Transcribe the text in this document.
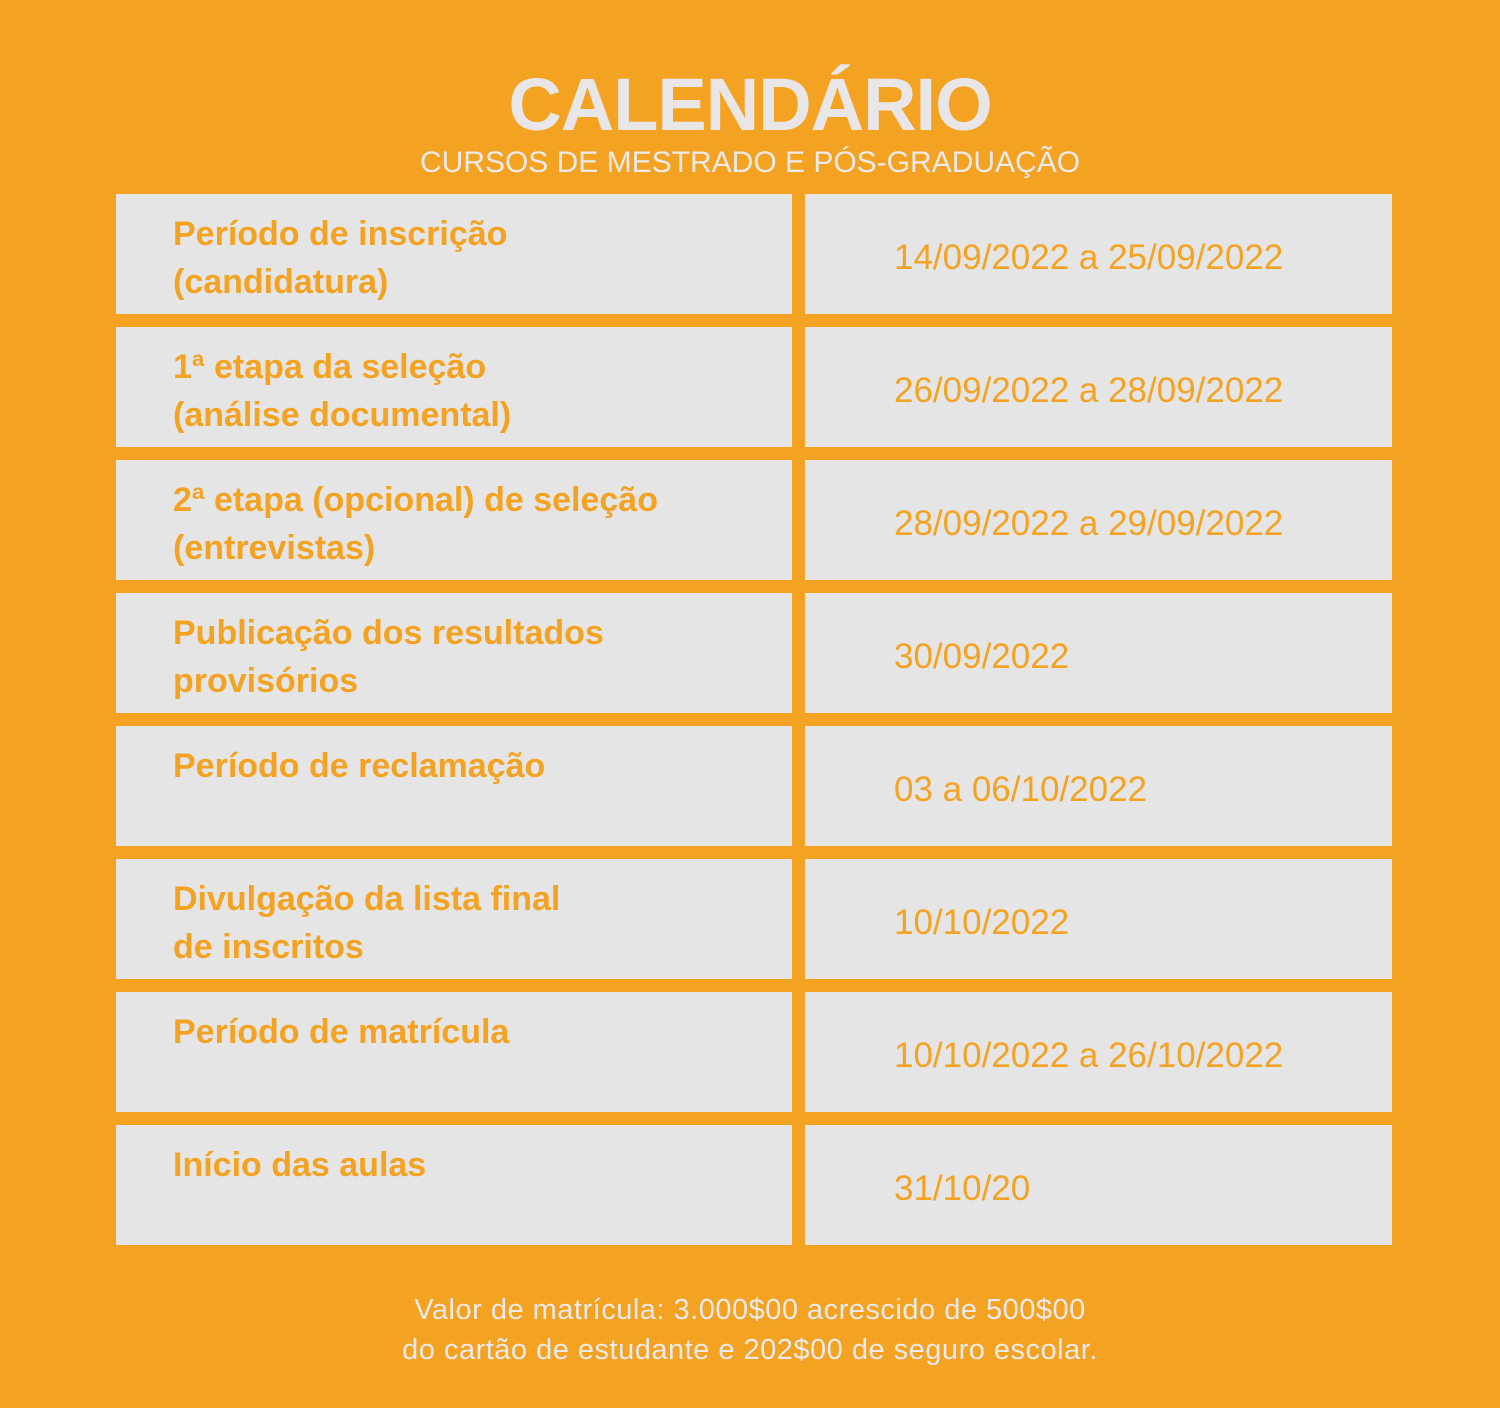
CALENDÁRIO
CURSOS DE MESTRADO E PÓS-GRADUAÇÃO
Período de inscrição
(candidatura)
14/09/2022 a 25/09/2022
1ª etapa da seleção
(análise documental)
26/09/2022 a 28/09/2022
2ª etapa (opcional) de seleção
(entrevistas)
28/09/2022 a 29/09/2022
Publicação dos resultados
provisórios
30/09/2022
Período de reclamação
03 a 06/10/2022
Divulgação da lista final
de inscritos
10/10/2022
Período de matrícula
10/10/2022 a 26/10/2022
Início das aulas
31/10/20
Valor de matrícula: 3.000$00 acrescido de 500$00
do cartão de estudante e 202$00 de seguro escolar.
